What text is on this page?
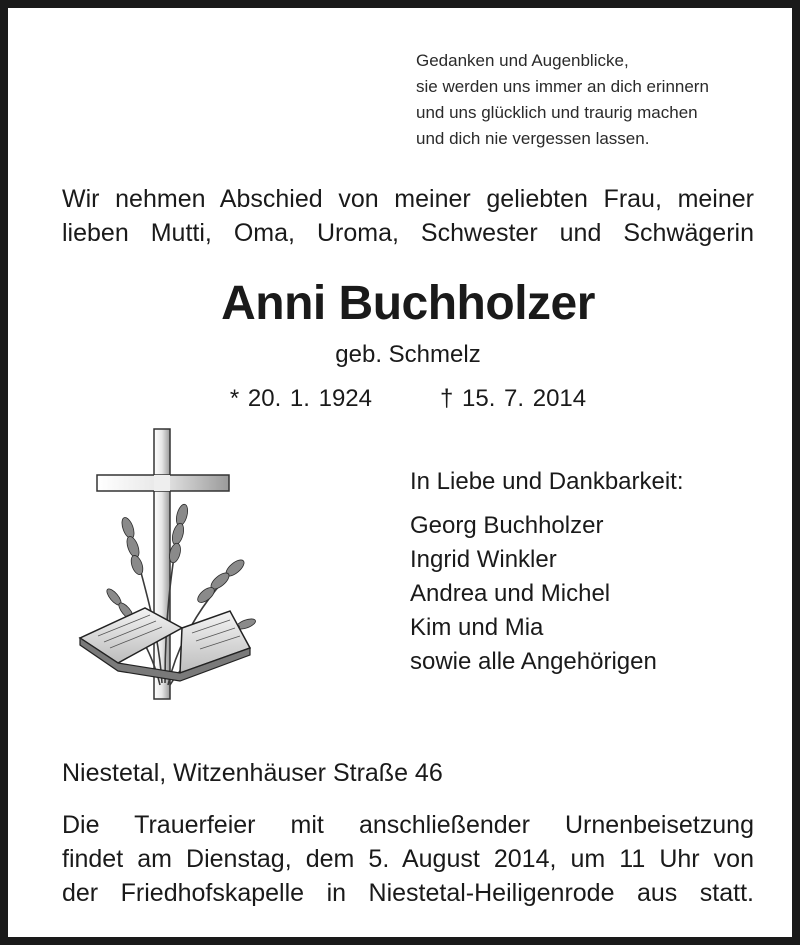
Gedanken und Augenblicke,
sie werden uns immer an dich erinnern
und uns glücklich und traurig machen
und dich nie vergessen lassen.
Wir nehmen Abschied von meiner geliebten Frau, meiner
lieben Mutti, Oma, Uroma, Schwester und Schwägerin
Anni Buchholzer
geb. Schmelz
* 20. 1. 1924	† 15. 7. 2014
In Liebe und Dankbarkeit:
Georg Buchholzer
Ingrid Winkler
Andrea und Michel
Kim und Mia
sowie alle Angehörigen
Niestetal, Witzenhäuser Straße 46
Die Trauerfeier mit anschließender Urnenbeisetzung
findet am Dienstag, dem 5. August 2014, um 11 Uhr von
der Friedhofskapelle in Niestetal-Heiligenrode aus statt.
